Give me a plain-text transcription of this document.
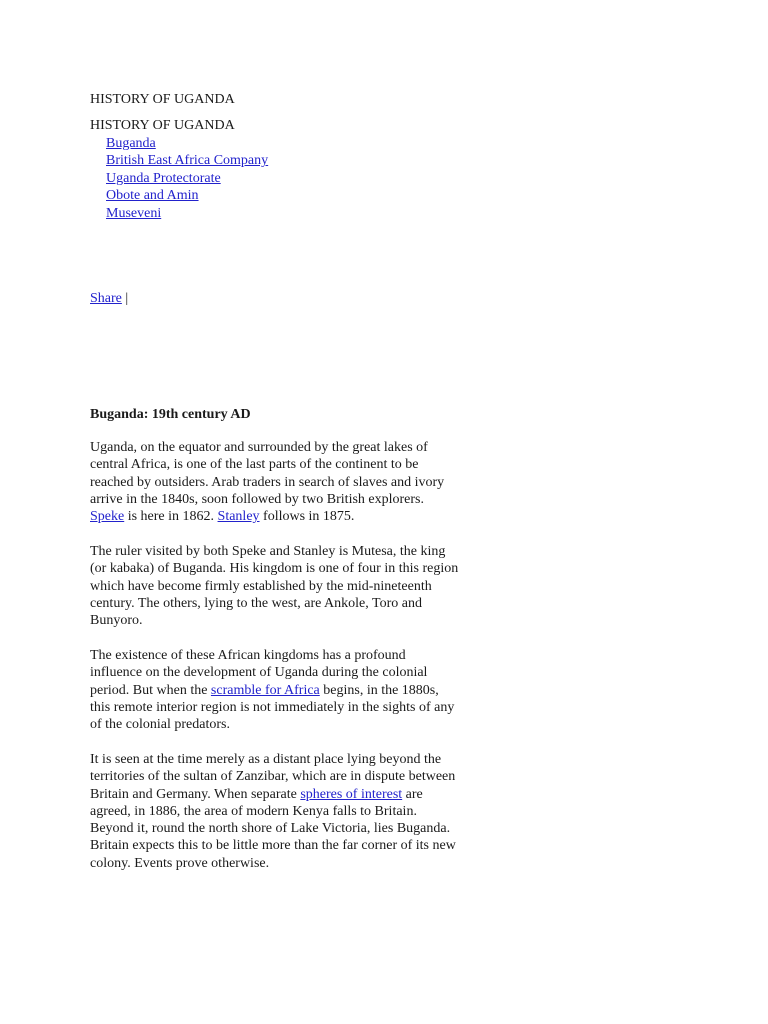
HISTORY OF UGANDA
HISTORY OF UGANDA
Buganda
British East Africa Company
Uganda Protectorate
Obote and Amin
Museveni
Share |
Buganda: 19th century AD

Uganda, on the equator and surrounded by the great lakes of central Africa, is one of the last parts of the continent to be reached by outsiders. Arab traders in search of slaves and ivory arrive in the 1840s, soon followed by two British explorers. Speke is here in 1862. Stanley follows in 1875.

The ruler visited by both Speke and Stanley is Mutesa, the king (or kabaka) of Buganda. His kingdom is one of four in this region which have become firmly established by the mid-nineteenth century. The others, lying to the west, are Ankole, Toro and Bunyoro.

The existence of these African kingdoms has a profound influence on the development of Uganda during the colonial period. But when the scramble for Africa begins, in the 1880s, this remote interior region is not immediately in the sights of any of the colonial predators.

It is seen at the time merely as a distant place lying beyond the territories of the sultan of Zanzibar, which are in dispute between Britain and Germany. When separate spheres of interest are agreed, in 1886, the area of modern Kenya falls to Britain. Beyond it, round the north shore of Lake Victoria, lies Buganda. Britain expects this to be little more than the far corner of its new colony. Events prove otherwise.
